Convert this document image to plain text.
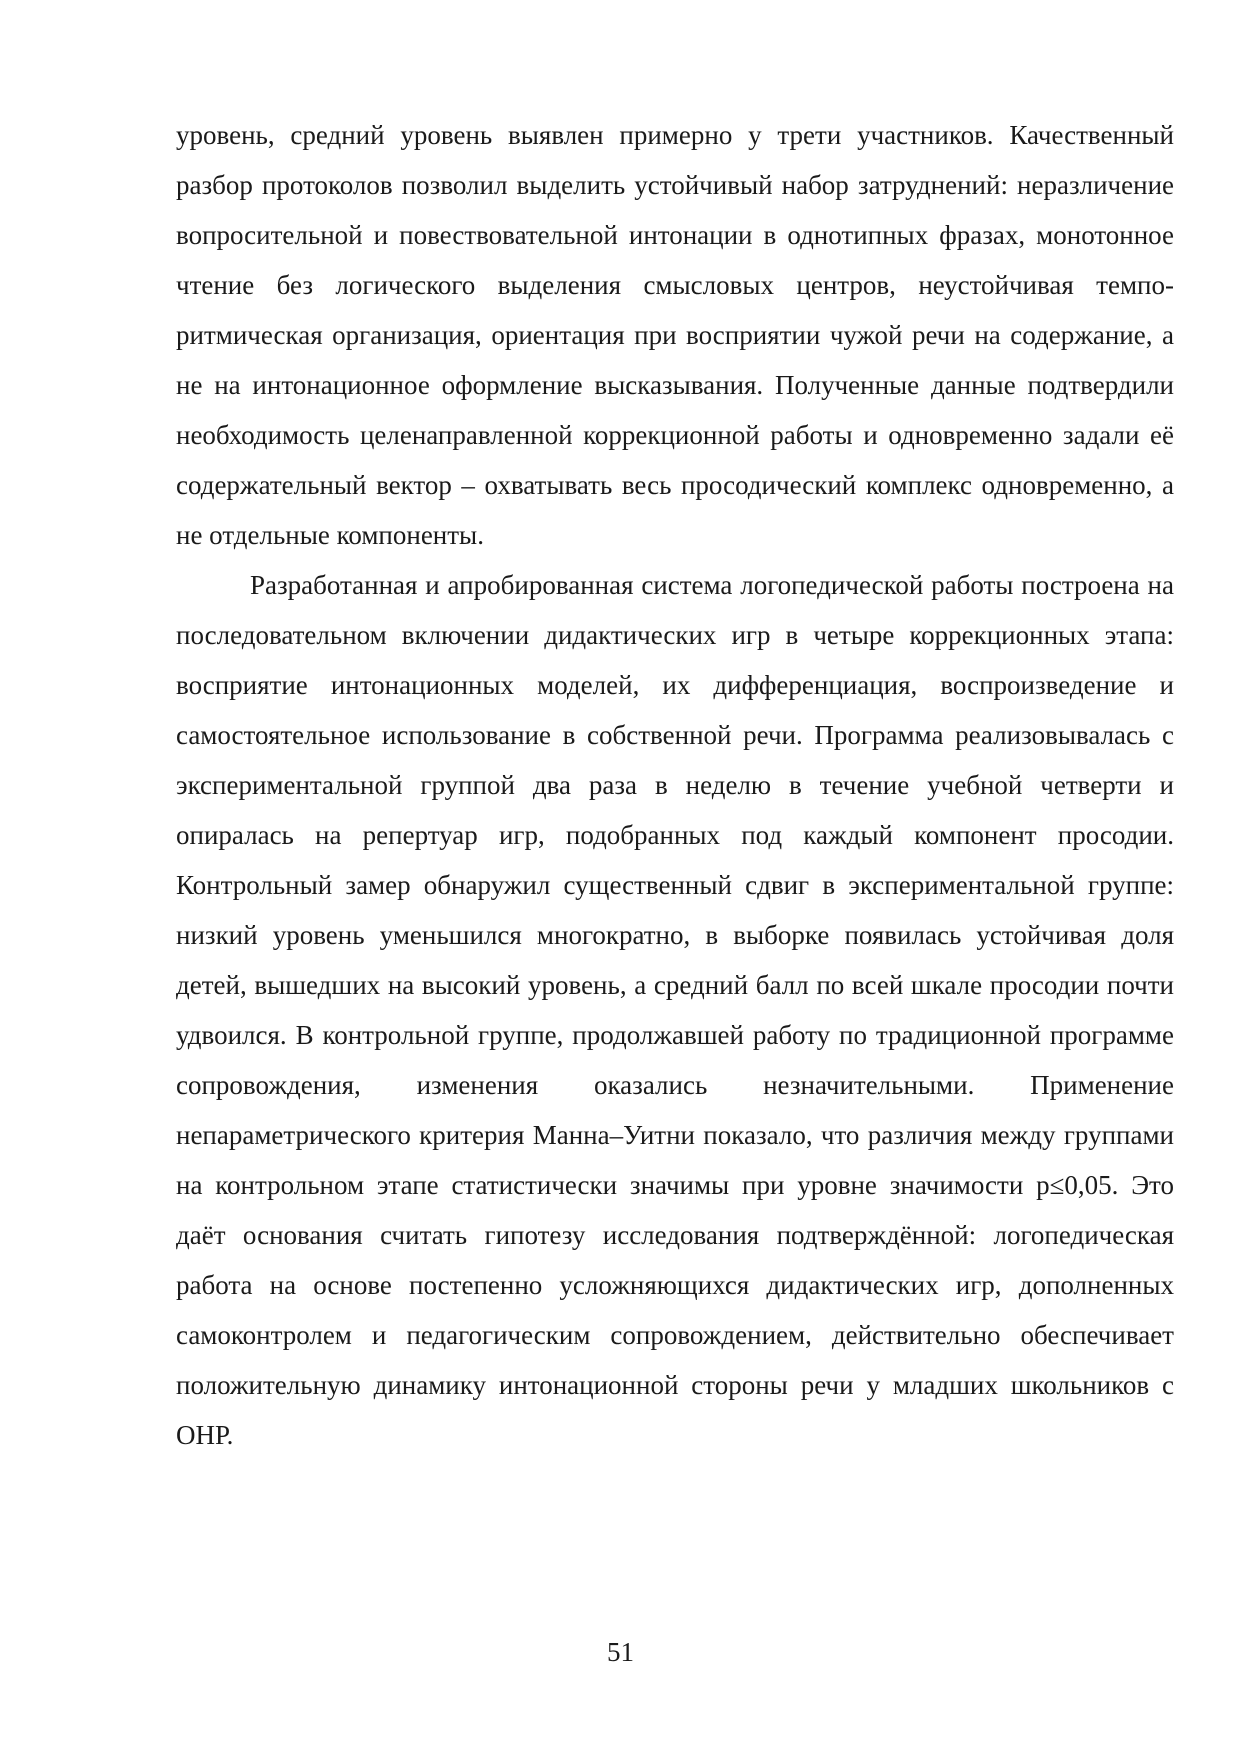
уровень, средний уровень выявлен примерно у трети участников. Качественный разбор протоколов позволил выделить устойчивый набор затруднений: неразличение вопросительной и повествовательной интонации в однотипных фразах, монотонное чтение без логического выделения смысловых центров, неустойчивая темпо-ритмическая организация, ориентация при восприятии чужой речи на содержание, а не на интонационное оформление высказывания. Полученные данные подтвердили необходимость целенаправленной коррекционной работы и одновременно задали её содержательный вектор – охватывать весь просодический комплекс одновременно, а не отдельные компоненты.

Разработанная и апробированная система логопедической работы построена на последовательном включении дидактических игр в четыре коррекционных этапа: восприятие интонационных моделей, их дифференциация, воспроизведение и самостоятельное использование в собственной речи. Программа реализовывалась с экспериментальной группой два раза в неделю в течение учебной четверти и опиралась на репертуар игр, подобранных под каждый компонент просодии. Контрольный замер обнаружил существенный сдвиг в экспериментальной группе: низкий уровень уменьшился многократно, в выборке появилась устойчивая доля детей, вышедших на высокий уровень, а средний балл по всей шкале просодии почти удвоился. В контрольной группе, продолжавшей работу по традиционной программе сопровождения, изменения оказались незначительными. Применение непараметрического критерия Манна–Уитни показало, что различия между группами на контрольном этапе статистически значимы при уровне значимости p≤0,05. Это даёт основания считать гипотезу исследования подтверждённой: логопедическая работа на основе постепенно усложняющихся дидактических игр, дополненных самоконтролем и педагогическим сопровождением, действительно обеспечивает положительную динамику интонационной стороны речи у младших школьников с ОНР.

51
